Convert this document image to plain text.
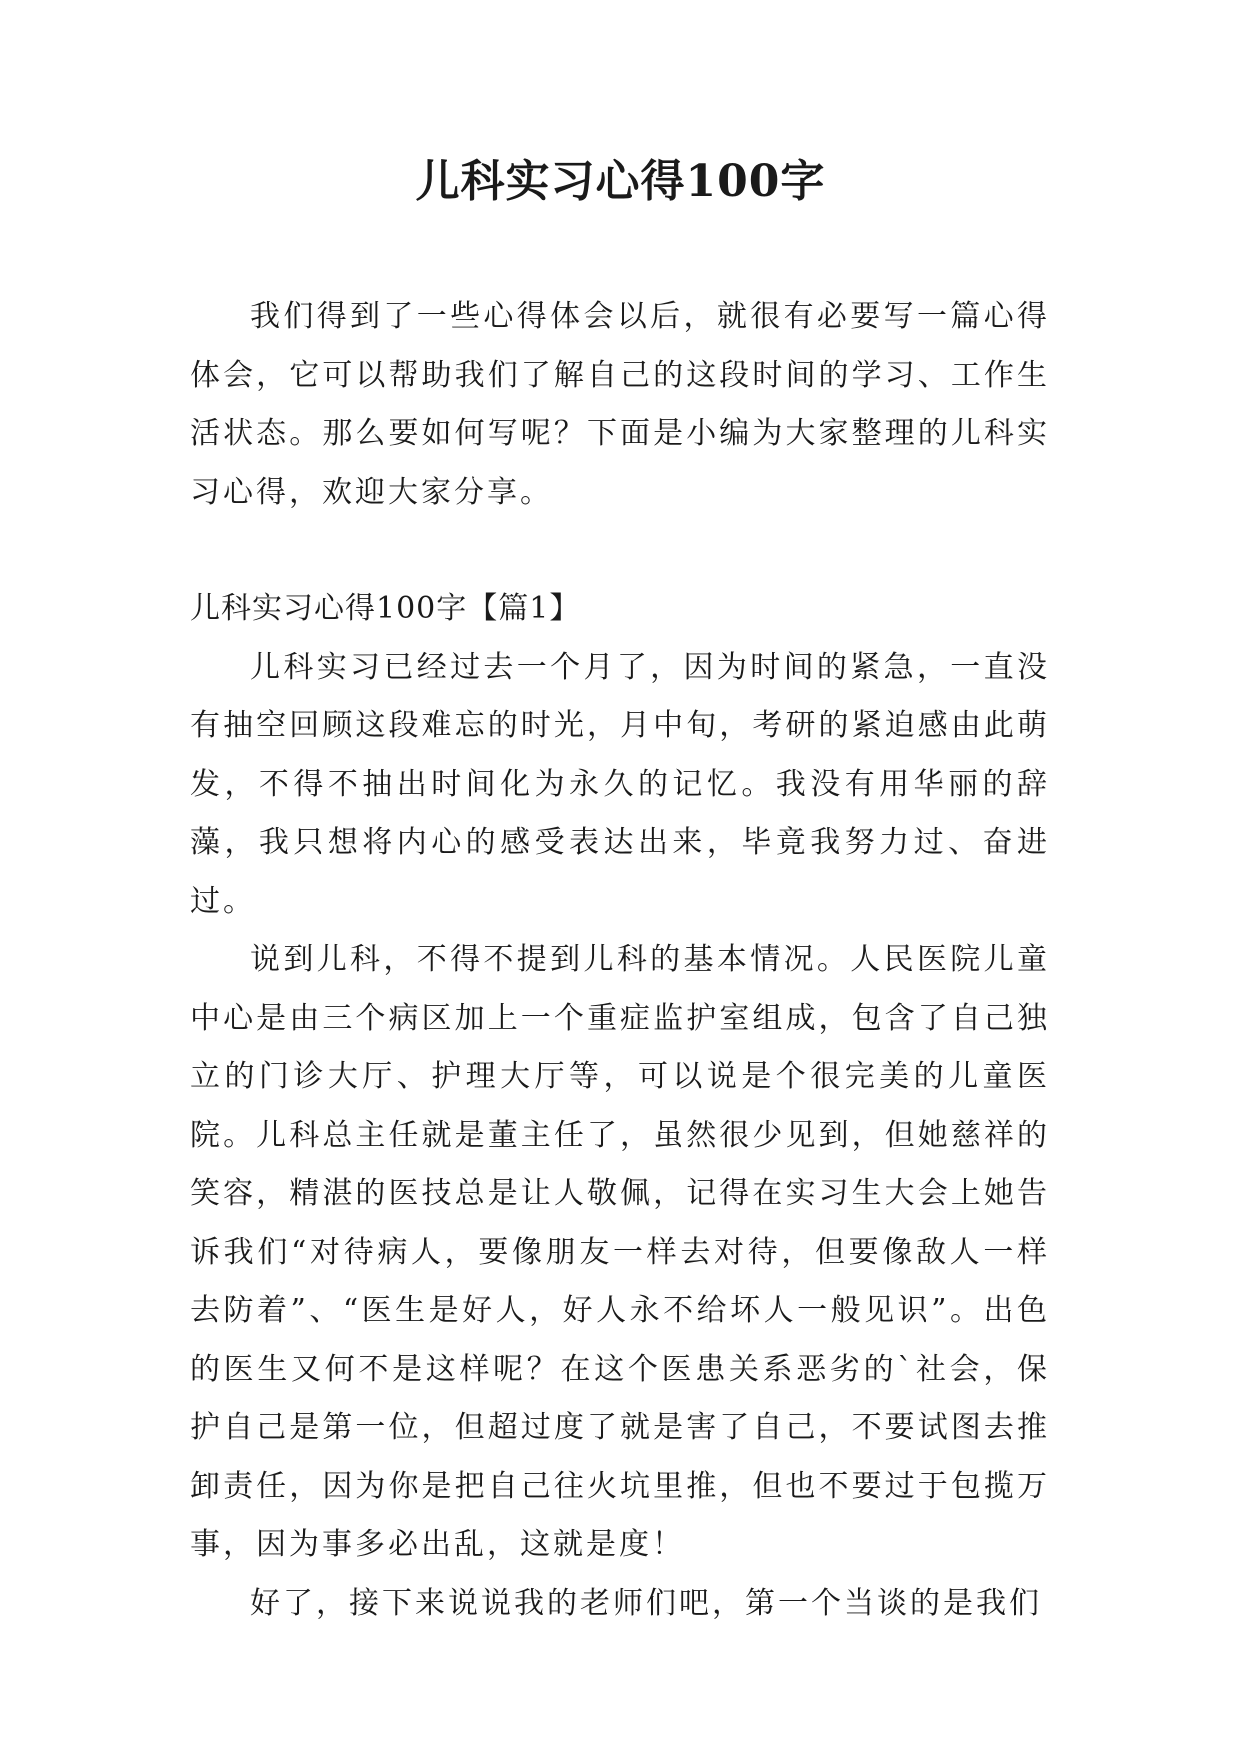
儿科实习心得100字

我们得到了一些心得体会以后，就很有必要写一篇心得体会，它可以帮助我们了解自己的这段时间的学习、工作生活状态。那么要如何写呢？下面是小编为大家整理的儿科实习心得，欢迎大家分享。

儿科实习心得100字【篇1】

儿科实习已经过去一个月了，因为时间的紧急，一直没有抽空回顾这段难忘的时光，月中旬，考研的紧迫感由此萌发，不得不抽出时间化为永久的记忆。我没有用华丽的辞藻，我只想将内心的感受表达出来，毕竟我努力过、奋进过。

说到儿科，不得不提到儿科的基本情况。人民医院儿童中心是由三个病区加上一个重症监护室组成，包含了自己独立的门诊大厅、护理大厅等，可以说是个很完美的儿童医院。儿科总主任就是董主任了，虽然很少见到，但她慈祥的笑容，精湛的医技总是让人敬佩，记得在实习生大会上她告诉我们“对待病人，要像朋友一样去对待，但要像敌人一样去防着”、“医生是好人，好人永不给坏人一般见识”。出色的医生又何不是这样呢？在这个医患关系恶劣的`社会，保护自己是第一位，但超过度了就是害了自己，不要试图去推卸责任，因为你是把自己往火坑里推，但也不要过于包揽万事，因为事多必出乱，这就是度！

好了，接下来说说我的老师们吧，第一个当谈的是我们
